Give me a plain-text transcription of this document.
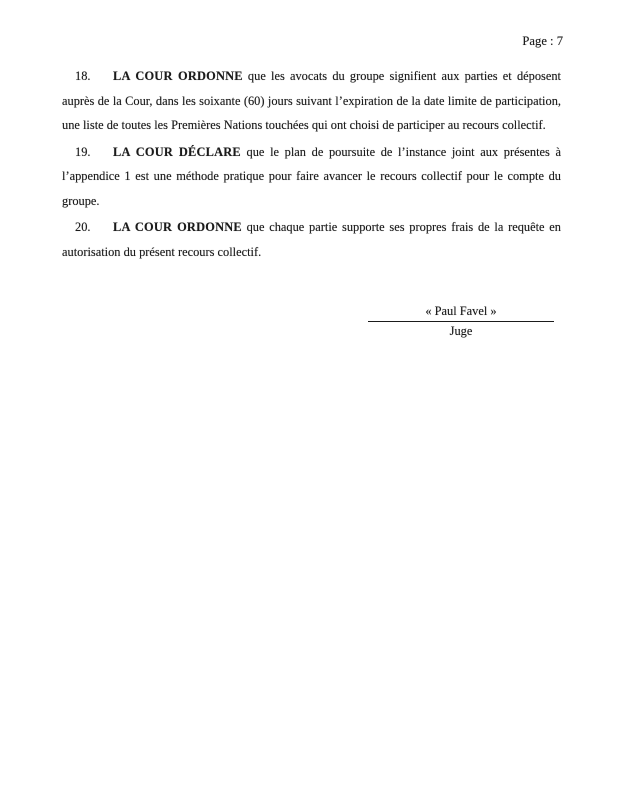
Page : 7

18. LA COUR ORDONNE que les avocats du groupe signifient aux parties et déposent auprès de la Cour, dans les soixante (60) jours suivant l’expiration de la date limite de participation, une liste de toutes les Premières Nations touchées qui ont choisi de participer au recours collectif.

19. LA COUR DÉCLARE que le plan de poursuite de l’instance joint aux présentes à l’appendice 1 est une méthode pratique pour faire avancer le recours collectif pour le compte du groupe.

20. LA COUR ORDONNE que chaque partie supporte ses propres frais de la requête en autorisation du présent recours collectif.

« Paul Favel »
Juge
